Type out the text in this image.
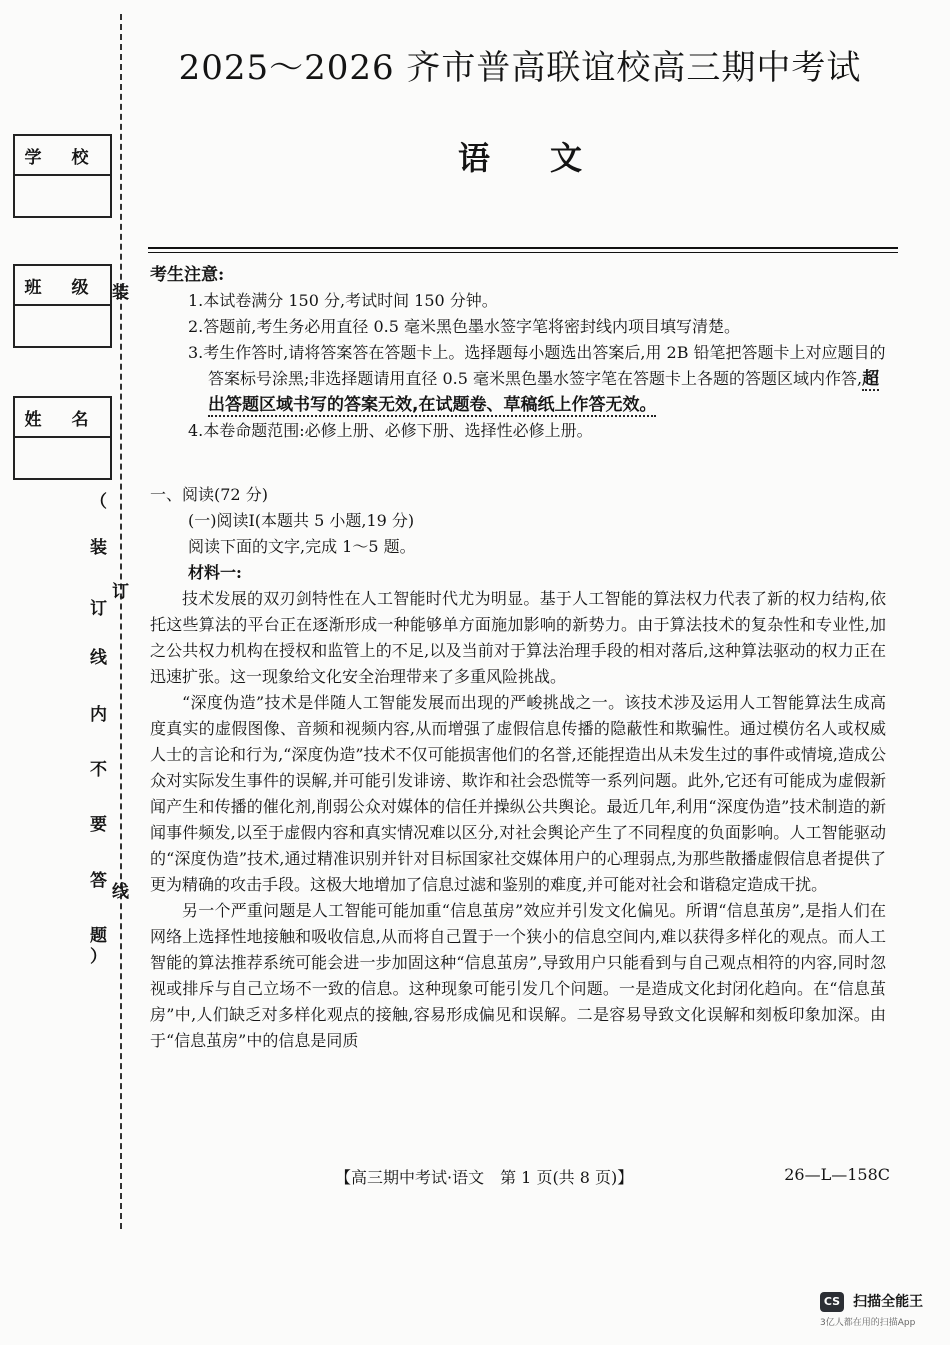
学 校
班 级
姓 名
装
订
线
（
装
订
线
内
不
要
答
题
）
2025～2026 齐市普高联谊校高三期中考试
语文

考生注意:

1.本试卷满分 150 分,考试时间 150 分钟。

2.答题前,考生务必用直径 0.5 毫米黑色墨水签字笔将密封线内项目填写清楚。

3.考生作答时,请将答案答在答题卡上。选择题每小题选出答案后,用 2B 铅笔把答题卡上对应题目的答案标号涂黑;非选择题请用直径 0.5 毫米黑色墨水签字笔在答题卡上各题的答题区域内作答,超出答题区域书写的答案无效,在试题卷、草稿纸上作答无效。

4.本卷命题范围:必修上册、必修下册、选择性必修上册。

一、阅读(72 分)

(一)阅读Ⅰ(本题共 5 小题,19 分)

阅读下面的文字,完成 1～5 题。

材料一:

技术发展的双刃剑特性在人工智能时代尤为明显。基于人工智能的算法权力代表了新的权力结构,依托这些算法的平台正在逐渐形成一种能够单方面施加影响的新势力。由于算法技术的复杂性和专业性,加之公共权力机构在授权和监管上的不足,以及当前对于算法治理手段的相对落后,这种算法驱动的权力正在迅速扩张。这一现象给文化安全治理带来了多重风险挑战。

“深度伪造”技术是伴随人工智能发展而出现的严峻挑战之一。该技术涉及运用人工智能算法生成高度真实的虚假图像、音频和视频内容,从而增强了虚假信息传播的隐蔽性和欺骗性。通过模仿名人或权威人士的言论和行为,“深度伪造”技术不仅可能损害他们的名誉,还能捏造出从未发生过的事件或情境,造成公众对实际发生事件的误解,并可能引发诽谤、欺诈和社会恐慌等一系列问题。此外,它还有可能成为虚假新闻产生和传播的催化剂,削弱公众对媒体的信任并操纵公共舆论。最近几年,利用“深度伪造”技术制造的新闻事件频发,以至于虚假内容和真实情况难以区分,对社会舆论产生了不同程度的负面影响。人工智能驱动的“深度伪造”技术,通过精准识别并针对目标国家社交媒体用户的心理弱点,为那些散播虚假信息者提供了更为精确的攻击手段。这极大地增加了信息过滤和鉴别的难度,并可能对社会和谐稳定造成干扰。

另一个严重问题是人工智能可能加重“信息茧房”效应并引发文化偏见。所谓“信息茧房”,是指人们在网络上选择性地接触和吸收信息,从而将自己置于一个狭小的信息空间内,难以获得多样化的观点。而人工智能的算法推荐系统可能会进一步加固这种“信息茧房”,导致用户只能看到与自己观点相符的内容,同时忽视或排斥与自己立场不一致的信息。这种现象可能引发几个问题。一是造成文化封闭化趋向。在“信息茧房”中,人们缺乏对多样化观点的接触,容易形成偏见和误解。二是容易导致文化误解和刻板印象加深。由于“信息茧房”中的信息是同质

【高三期中考试·语文　第 1 页(共 8 页)】	26—L—158C
CS 扫描全能王
3亿人都在用的扫描App
